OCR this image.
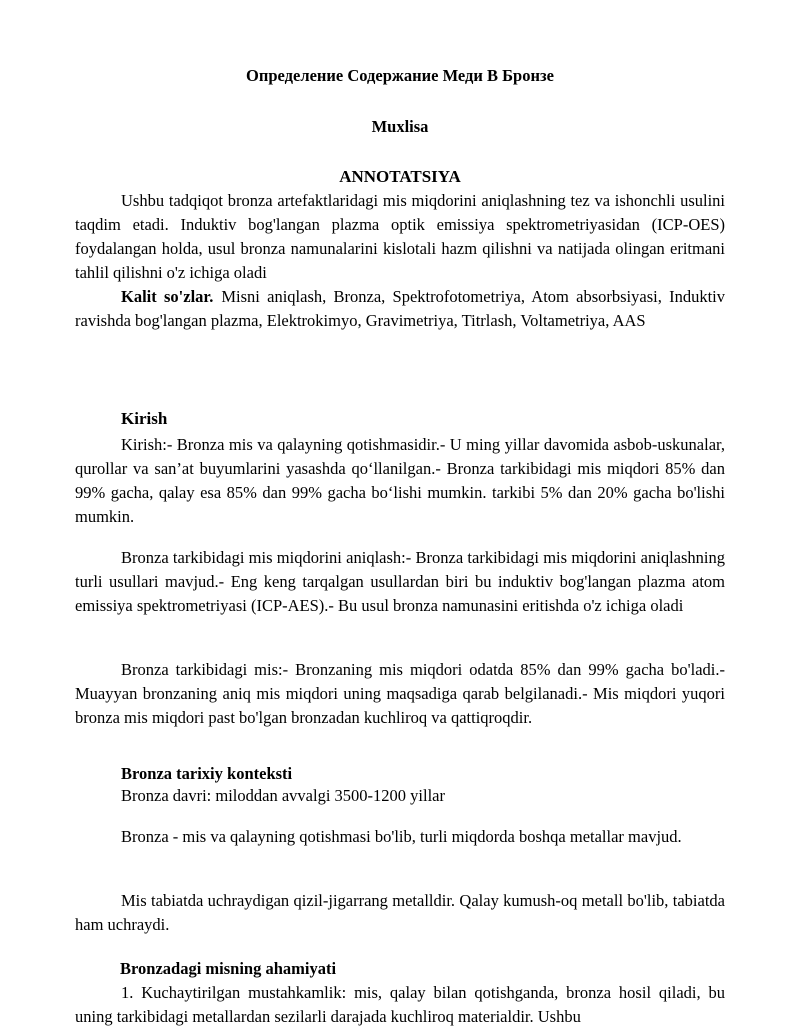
Определение Содержание Меди В Бронзе
Muxlisa
ANNOTATSIYA

Ushbu tadqiqot bronza artefaktlaridagi mis miqdorini aniqlashning tez va ishonchli usulini taqdim etadi. Induktiv bog'langan plazma optik emissiya spektrometriyasidan (ICP-OES) foydalangan holda, usul bronza namunalarini kislotali hazm qilishni va natijada olingan eritmani tahlil qilishni o'z ichiga oladi

Kalit so'zlar. Misni aniqlash, Bronza, Spektrofotometriya, Atom absorbsiyasi, Induktiv ravishda bog'langan plazma, Elektrokimyo, Gravimetriya, Titrlash, Voltametriya, AAS
Kirish

Kirish:- Bronza mis va qalayning qotishmasidir.- U ming yillar davomida asbob-uskunalar, qurollar va san’at buyumlarini yasashda qo‘llanilgan.- Bronza tarkibidagi mis miqdori 85% dan 99% gacha, qalay esa 85% dan 99% gacha bo‘lishi mumkin. tarkibi 5% dan 20% gacha bo'lishi mumkin.

Bronza tarkibidagi mis miqdorini aniqlash:- Bronza tarkibidagi mis miqdorini aniqlashning turli usullari mavjud.- Eng keng tarqalgan usullardan biri bu induktiv bog'langan plazma atom emissiya spektrometriyasi (ICP-AES).- Bu usul bronza namunasini eritishda o'z ichiga oladi

Bronza tarkibidagi mis:- Bronzaning mis miqdori odatda 85% dan 99% gacha bo'ladi.- Muayyan bronzaning aniq mis miqdori uning maqsadiga qarab belgilanadi.- Mis miqdori yuqori bronza mis miqdori past bo'lgan bronzadan kuchliroq va qattiqroqdir.

Bronza tarixiy konteksti
Bronza davri: miloddan avvalgi 3500-1200 yillar

Bronza - mis va qalayning qotishmasi bo'lib, turli miqdorda boshqa metallar mavjud.

Mis tabiatda uchraydigan qizil-jigarrang metalldir. Qalay kumush-oq metall bo'lib, tabiatda ham uchraydi.

Bronzadagi misning ahamiyati

1. Kuchaytirilgan mustahkamlik: mis, qalay bilan qotishganda, bronza hosil qiladi, bu uning tarkibidagi metallardan sezilarli darajada kuchliroq materialdir. Ushbu
